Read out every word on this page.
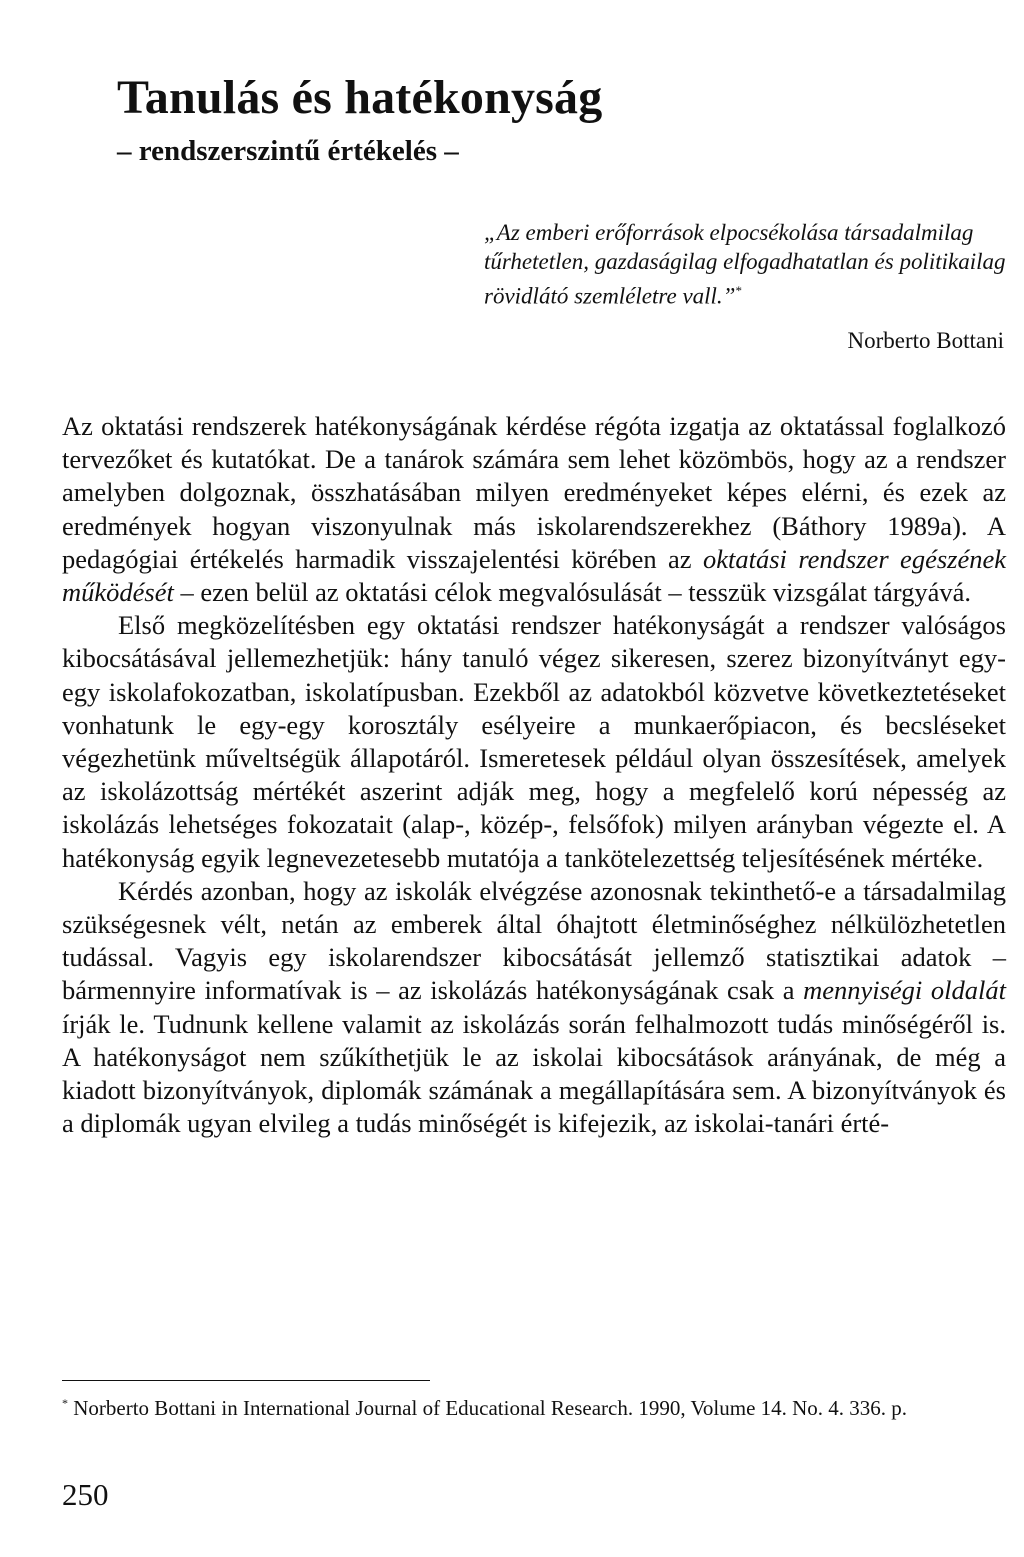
Tanulás és hatékonyság
– rendszerszintű értékelés –
„Az emberi erőforrások elpocsékolása társadalmilag tűrhetetlen, gazdaságilag elfogadhatatlan és politikailag rövidlátó szemléletre vall.”*
Norberto Bottani

Az oktatási rendszerek hatékonyságának kérdése régóta izgatja az oktatással foglalkozó tervezőket és kutatókat. De a tanárok számára sem lehet közömbös, hogy az a rendszer amelyben dolgoznak, összhatásában milyen eredményeket képes elérni, és ezek az eredmények hogyan viszonyulnak más iskolarendszerekhez (Báthory 1989a). A pedagógiai értékelés harmadik visszajelentési körében az oktatási rendszer egészének működését – ezen belül az oktatási célok megvalósulását – tesszük vizsgálat tárgyává.

Első megközelítésben egy oktatási rendszer hatékonyságát a rendszer valóságos kibocsátásával jellemezhetjük: hány tanuló végez sikeresen, szerez bizonyítványt egy-egy iskolafokozatban, iskolatípusban. Ezekből az adatokból közvetve következtetéseket vonhatunk le egy-egy korosztály esélyeire a munkaerőpiacon, és becsléseket végezhetünk műveltségük állapotáról. Ismeretesek például olyan összesítések, amelyek az iskolázottság mértékét aszerint adják meg, hogy a megfelelő korú népesség az iskolázás lehetséges fokozatait (alap-, közép-, felsőfok) milyen arányban végezte el. A hatékonyság egyik legnevezetesebb mutatója a tankötelezettség teljesítésének mértéke.

Kérdés azonban, hogy az iskolák elvégzése azonosnak tekinthető-e a társadalmilag szükségesnek vélt, netán az emberek által óhajtott életminőséghez nélkülözhetetlen tudással. Vagyis egy iskolarendszer kibocsátását jellemző statisztikai adatok – bármennyire informatívak is – az iskolázás hatékonyságának csak a mennyiségi oldalát írják le. Tudnunk kellene valamit az iskolázás során felhalmozott tudás minőségéről is. A hatékonyságot nem szűkíthetjük le az iskolai kibocsátások arányának, de még a kiadott bizonyítványok, diplomák számának a megállapítására sem. A bizonyítványok és a diplomák ugyan elvileg a tudás minőségét is kifejezik, az iskolai-tanári érté-

* Norberto Bottani in International Journal of Educational Research. 1990, Volume 14. No. 4. 336. p.
250
